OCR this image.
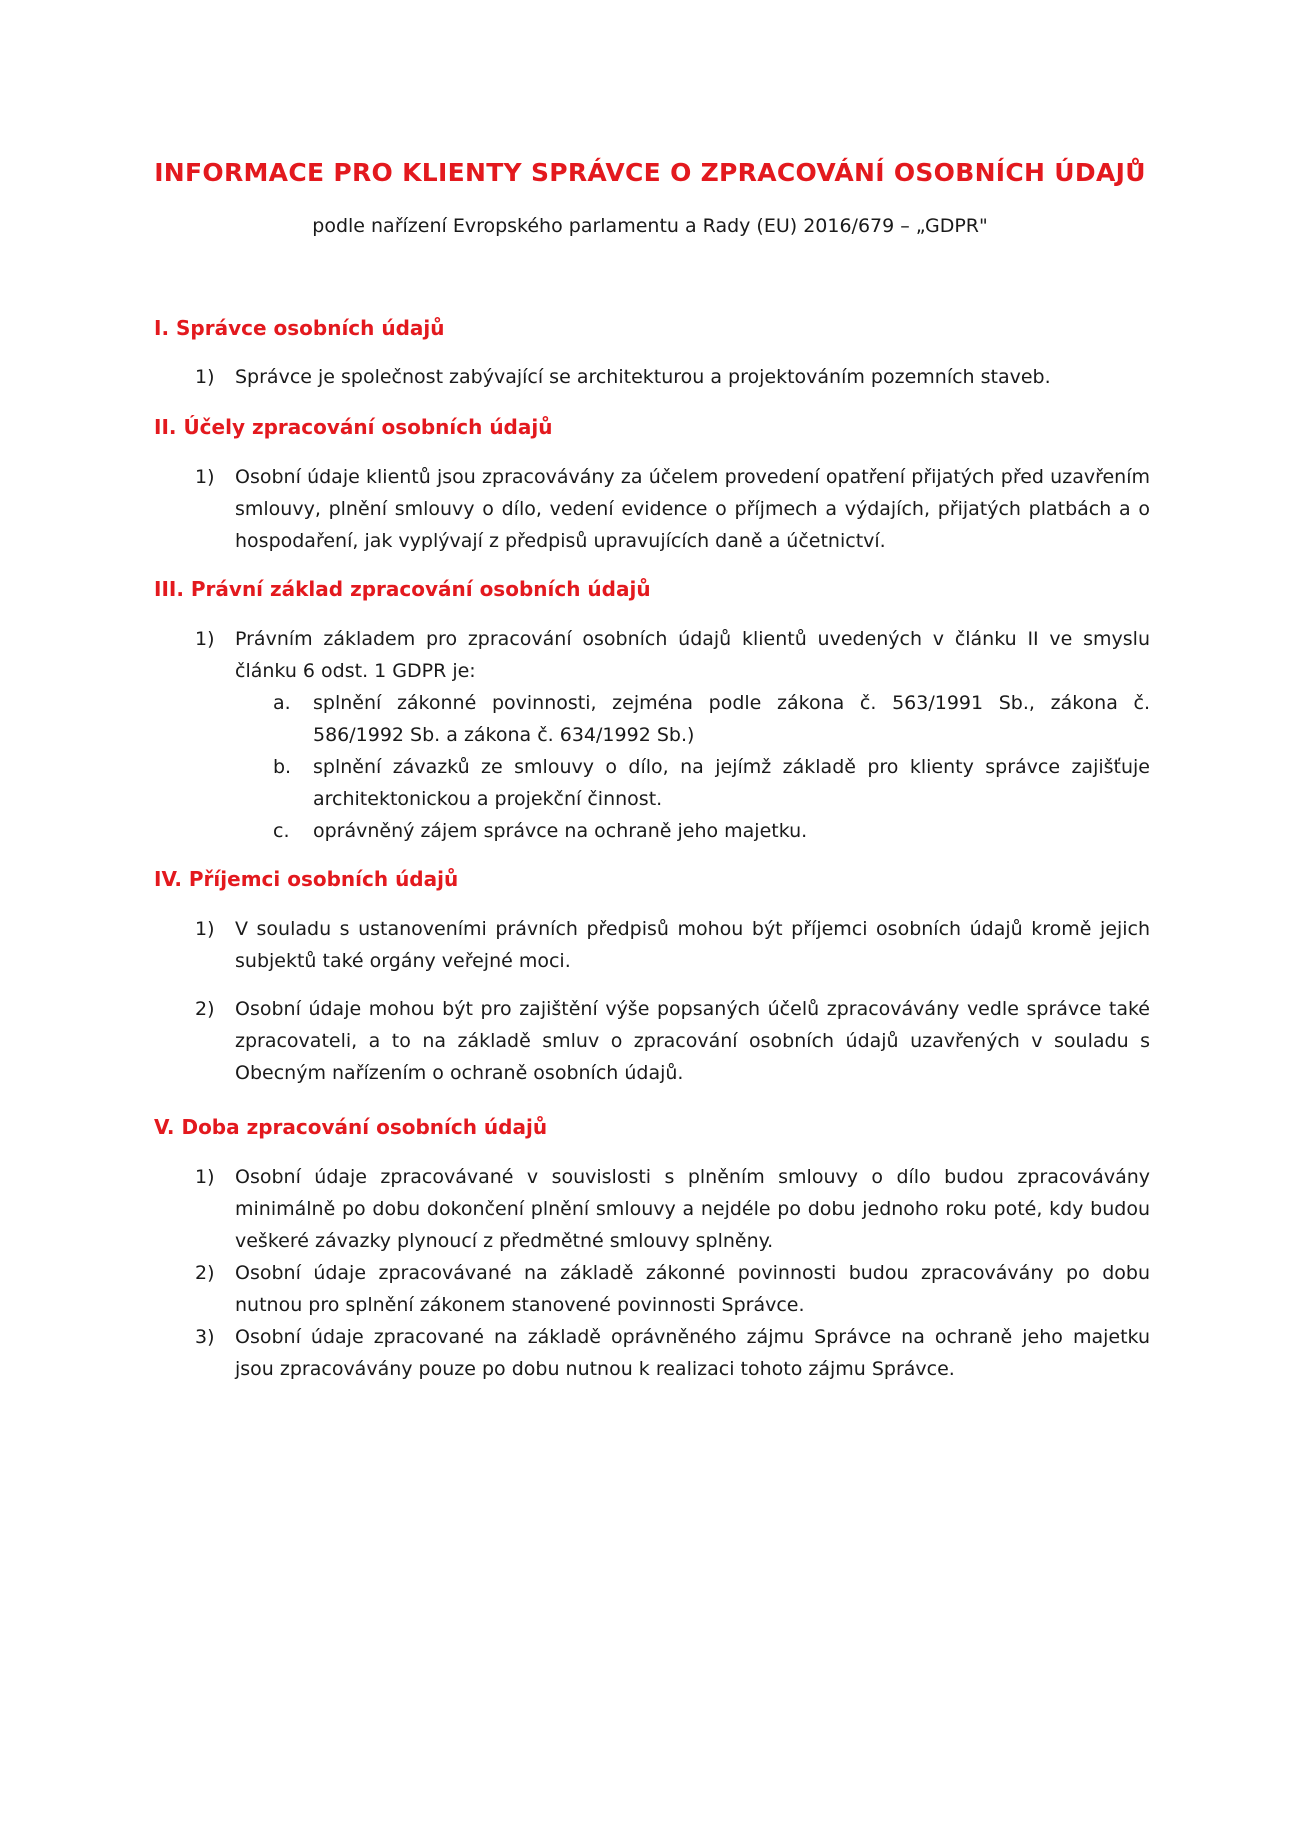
INFORMACE PRO KLIENTY SPRÁVCE O ZPRACOVÁNÍ OSOBNÍCH ÚDAJŮ

podle nařízení Evropského parlamentu a Rady (EU) 2016/679 – „GDPR"

I. Správce osobních údajů
1)	Správce je společnost zabývající se architekturou a projektováním pozemních staveb.
II. Účely zpracování osobních údajů
1)	Osobní údaje klientů jsou zpracovávány za účelem provedení opatření přijatých před uzavřením smlouvy, plnění smlouvy o dílo, vedení evidence o příjmech a výdajích, přijatých platbách a o hospodaření, jak vyplývají z předpisů upravujících daně a účetnictví.
III. Právní základ zpracování osobních údajů
1)	Právním základem pro zpracování osobních údajů klientů uvedených v článku II ve smyslu článku 6 odst. 1 GDPR je:
a. splnění zákonné povinnosti, zejména podle zákona č. 563/1991 Sb., zákona č. 586/1992 Sb. a zákona č. 634/1992 Sb.)
b. splnění závazků ze smlouvy o dílo, na jejímž základě pro klienty správce zajišťuje architektonickou a projekční činnost.
c. oprávněný zájem správce na ochraně jeho majetku.
IV. Příjemci osobních údajů
1)	V souladu s ustanoveními právních předpisů mohou být příjemci osobních údajů kromě jejich subjektů také orgány veřejné moci.
2)	Osobní údaje mohou být pro zajištění výše popsaných účelů zpracovávány vedle správce také zpracovateli, a to na základě smluv o zpracování osobních údajů uzavřených v souladu s Obecným nařízením o ochraně osobních údajů.
V. Doba zpracování osobních údajů
1)	Osobní údaje zpracovávané v souvislosti s plněním smlouvy o dílo budou zpracovávány minimálně po dobu dokončení plnění smlouvy a nejdéle po dobu jednoho roku poté, kdy budou veškeré závazky plynoucí z předmětné smlouvy splněny.
2)	Osobní údaje zpracovávané na základě zákonné povinnosti budou zpracovávány po dobu nutnou pro splnění zákonem stanovené povinnosti Správce.
3)	Osobní údaje zpracované na základě oprávněného zájmu Správce na ochraně jeho majetku jsou zpracovávány pouze po dobu nutnou k realizaci tohoto zájmu Správce.
